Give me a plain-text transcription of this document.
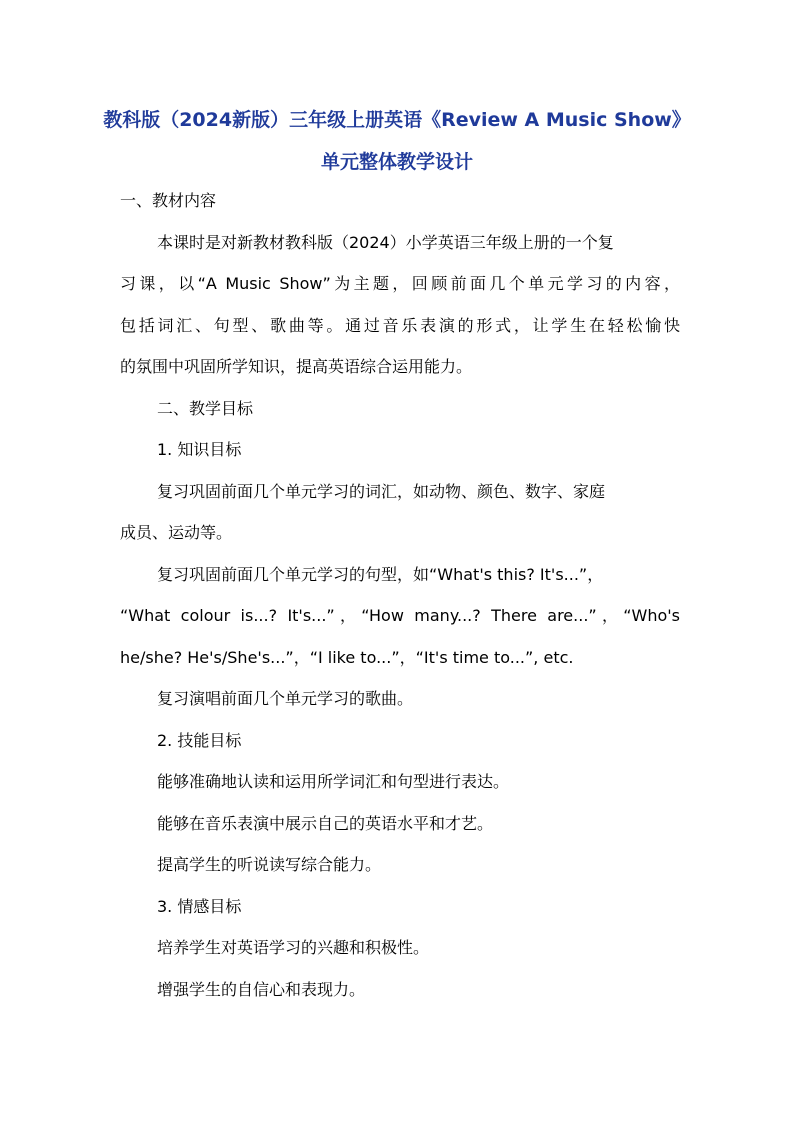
教科版（2024新版）三年级上册英语《Review A Music Show》
单元整体教学设计
一、教材内容
本课时是对新教材教科版（2024）小学英语三年级上册的一个复
习课，以“A Music Show”为主题，回顾前面几个单元学习的内容，
包括词汇、句型、歌曲等。通过音乐表演的形式，让学生在轻松愉快
的氛围中巩固所学知识，提高英语综合运用能力。
二、教学目标
1. 知识目标
复习巩固前面几个单元学习的词汇，如动物、颜色、数字、家庭
成员、运动等。
复习巩固前面几个单元学习的句型，如“What's this? It's...”，
“What colour is...? It's...”，“How many...? There are...”，“Who's
he/she? He's/She's...”，“I like to...”，“It's time to...”, etc.
复习演唱前面几个单元学习的歌曲。
2. 技能目标
能够准确地认读和运用所学词汇和句型进行表达。
能够在音乐表演中展示自己的英语水平和才艺。
提高学生的听说读写综合能力。
3. 情感目标
培养学生对英语学习的兴趣和积极性。
增强学生的自信心和表现力。
